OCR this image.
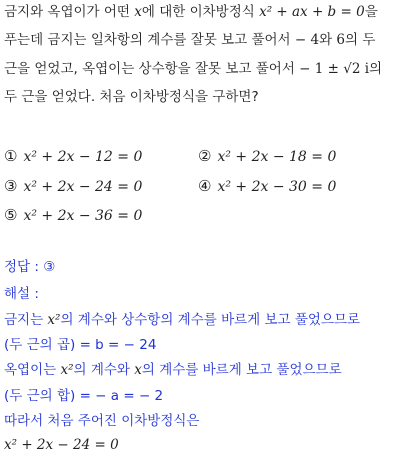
금지와 옥엽이가 어떤 x에 대한 이차방정식 x² + ax + b = 0을
푸는데 금지는 일차항의 계수를 잘못 보고 풀어서 − 4와 6의 두
근을 얻었고, 옥엽이는 상수항을 잘못 보고 풀어서 − 1 ± √2 i의
두 근을 얻었다. 처음 이차방정식을 구하면?
① x² + 2x − 12 = 0	② x² + 2x − 18 = 0
③ x² + 2x − 24 = 0	④ x² + 2x − 30 = 0
⑤ x² + 2x − 36 = 0
정답 : ③
해설 :
금지는 x²의 계수와 상수항의 계수를 바르게 보고 풀었으므로
(두 근의 곱) = b = − 24
옥엽이는 x²의 계수와 x의 계수를 바르게 보고 풀었으므로
(두 근의 합) = − a = − 2
따라서 처음 주어진 이차방정식은
x² + 2x − 24 = 0
